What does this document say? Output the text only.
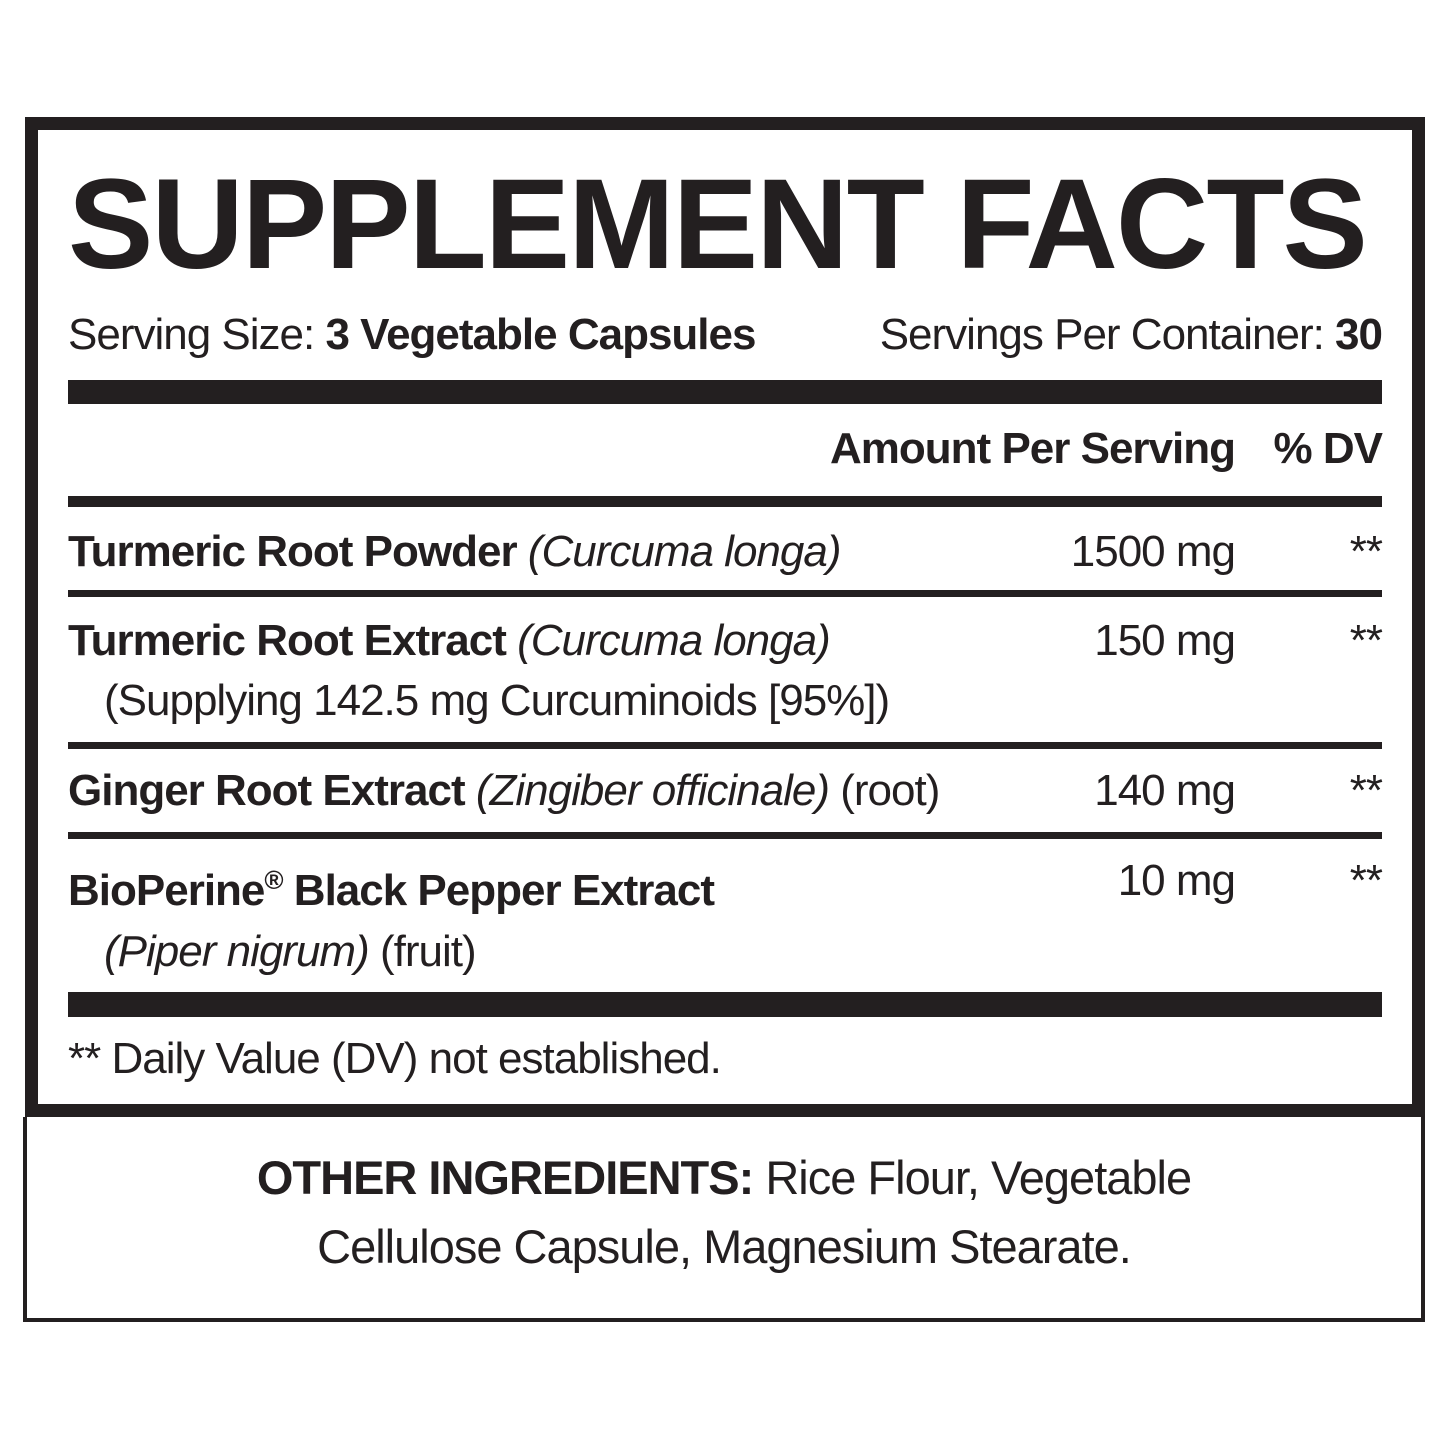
SUPPLEMENT FACTS
Serving Size: 3 Vegetable Capsules	Servings Per Container: 30
Amount Per Serving % DV
Turmeric Root Powder (Curcuma longa)	1500 mg	**
Turmeric Root Extract (Curcuma longa)
(Supplying 142.5 mg Curcuminoids [95%])
150 mg	**
Ginger Root Extract (Zingiber officinale) (root)	140 mg	**
BioPerine® Black Pepper Extract
(Piper nigrum) (fruit)
10 mg	**
** Daily Value (DV) not established.
OTHER INGREDIENTS: Rice Flour, Vegetable
Cellulose Capsule, Magnesium Stearate.
